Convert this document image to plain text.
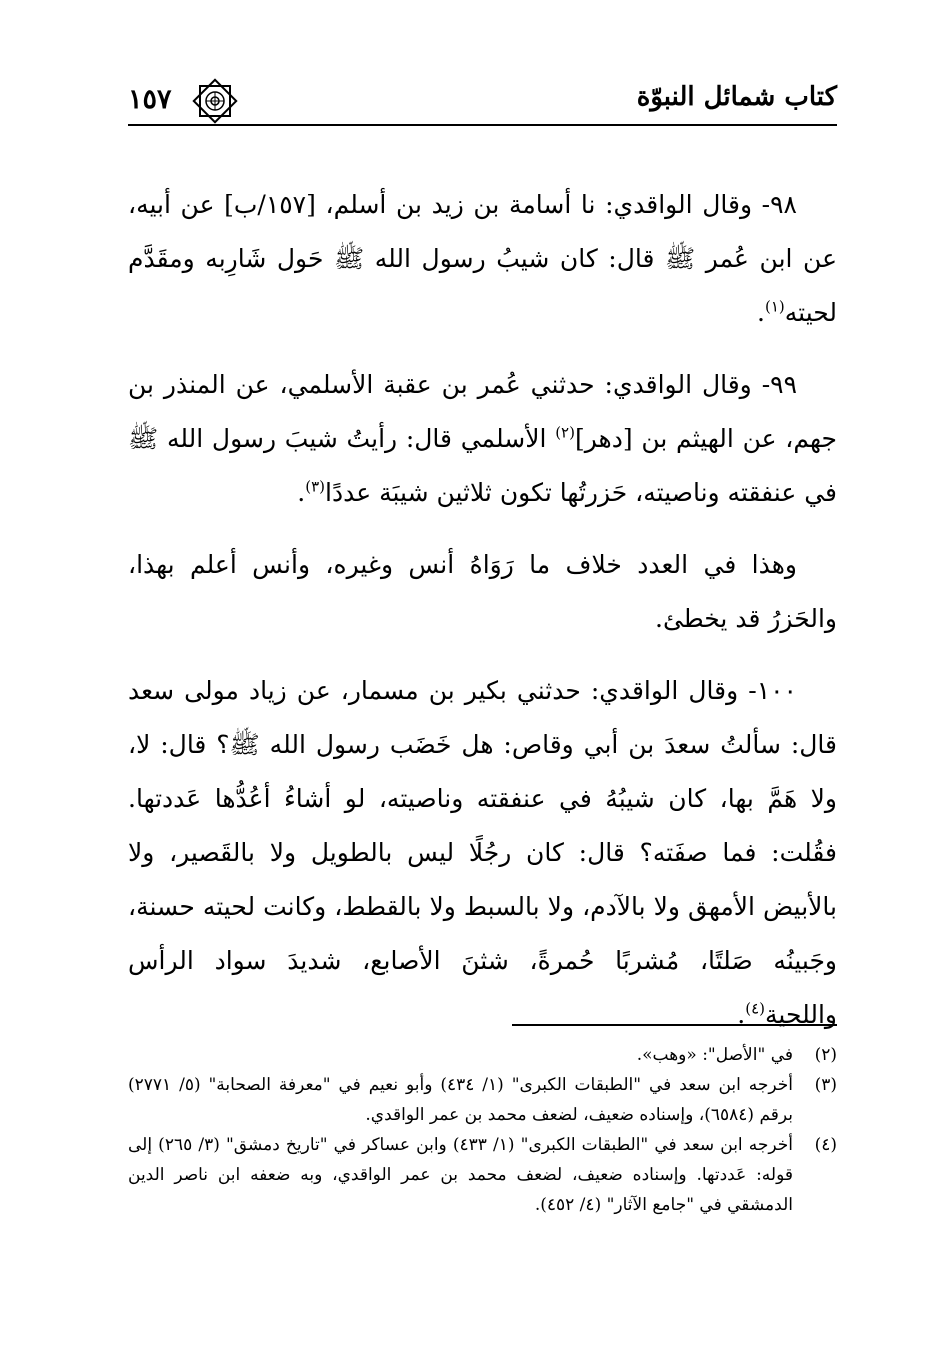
كتاب شمائل النبوّة
١٥٧

٩٨- وقال الواقدي: نا أسامة بن زيد بن أسلم، [١٥٧/ب] عن أبيه، عن ابن عُمر ﷺ قال: كان شيبُ رسول الله ﷺ حَول شَارِبه ومقَدَّم لحيته$^{(١)}$.

٩٩- وقال الواقدي: حدثني عُمر بن عقبة الأسلمي، عن المنذر بن جهم، عن الهيثم بن [دهر]$^{(٢)}$ الأسلمي قال: رأيتُ شيبَ رسول الله ﷺ في عنفقته وناصيته، حَزرتُها تكون ثلاثين شيبَة عددًا$^{(٣)}$.

وهذا في العدد خلاف ما رَوَاهُ أنس وغيره، وأنس أعلم بهذا، والحَزرُ قد يخطئ.

١٠٠- وقال الواقدي: حدثني بكير بن مسمار، عن زياد مولى سعد قال: سألتُ سعدَ بن أبي وقاص: هل خَضَب رسول الله ﷺ؟ قال: لا، ولا هَمَّ بها، كان شيبُهُ في عنفقته وناصيته، لو أشاءُ أعُدُّها عَددتها. فقُلت: فما صفَته؟ قال: كان رجُلًا ليس بالطويل ولا بالقَصير، ولا بالأبيض الأمهق ولا بالآدم، ولا بالسبط ولا بالقطط، وكانت لحيته حسنة، وجَبينُه صَلتًا، مُشربًا حُمرةً، شثنَ الأصابع، شديدَ سواد الرأس واللحية$^{(٤)}$.

(٢)
في "الأصل": «وهب».
(٣)
أخرجه ابن سعد في "الطبقات الكبرى" (١/ ٤٣٤) وأبو نعيم في "معرفة الصحابة" (٥/ ٢٧٧١) برقم (٦٥٨٤)، وإسناده ضعيف، لضعف محمد بن عمر الواقدي.
(٤)
أخرجه ابن سعد في "الطبقات الكبرى" (١/ ٤٣٣) وابن عساكر في "تاريخ دمشق" (٣/ ٢٦٥) إلى قوله: عَددتها. وإسناده ضعيف، لضعف محمد بن عمر الواقدي، وبه ضعفه ابن ناصر الدين الدمشقي في "جامع الآثار" (٤/ ٤٥٢).
